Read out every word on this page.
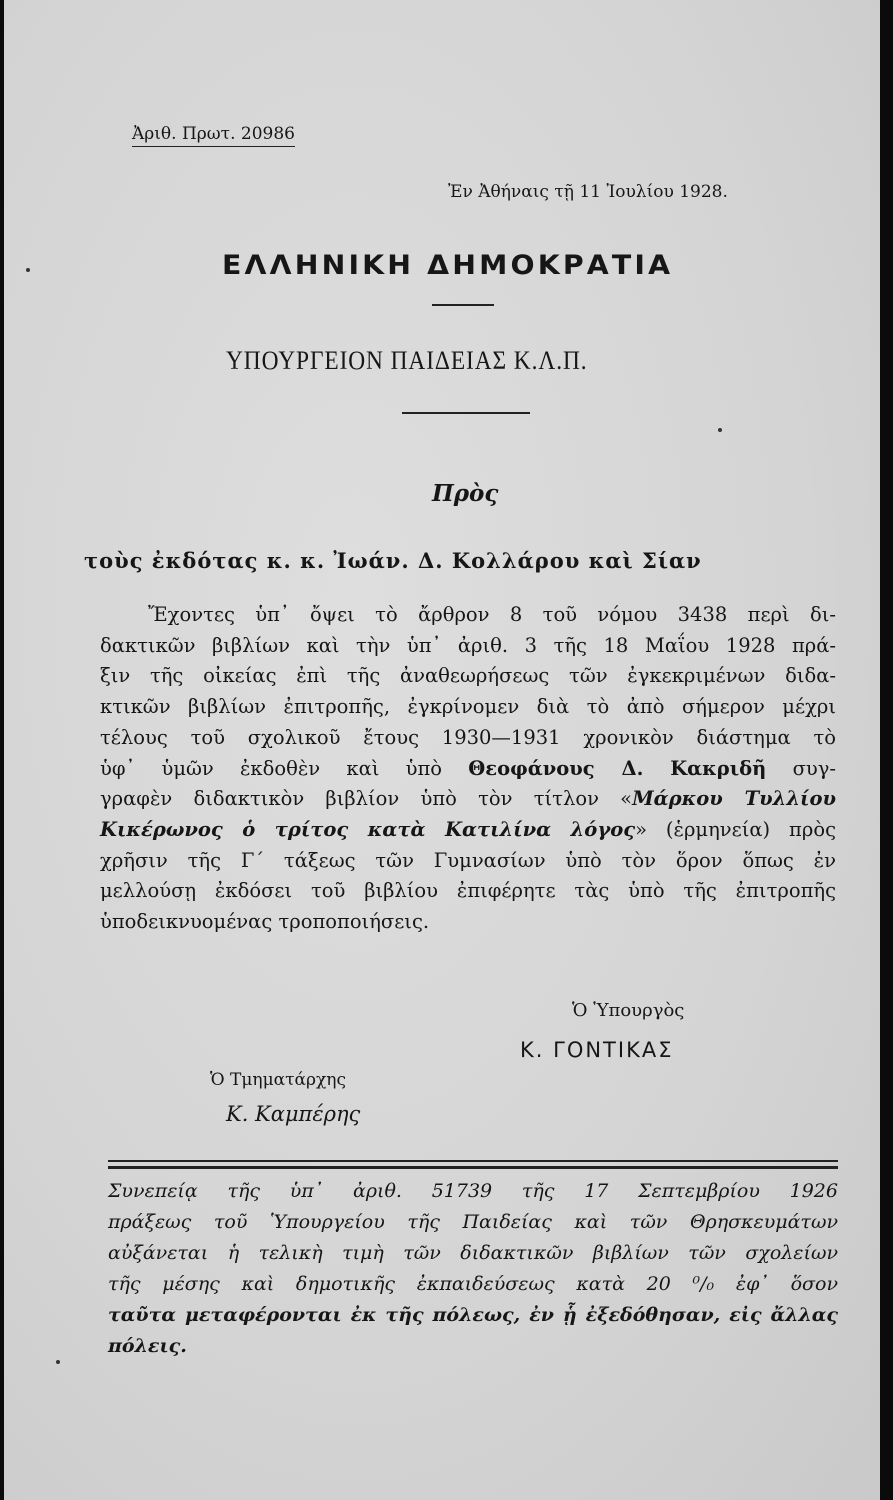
Ἀριθ. Πρωτ. 20986
Ἐν Ἀθήναις τῇ 11 Ἰουλίου 1928.
ΕΛΛΗΝΙΚΗ ΔΗΜΟΚΡΑΤΙΑ
ΥΠΟΥΡΓΕΙΟΝ ΠΑΙΔΕΙΑΣ Κ.Λ.Π.
Πρὸς
τοὺς ἐκδότας κ. κ. Ἰωάν. Δ. Κολλάρου καὶ Σίαν
Ἔχοντες ὑπ᾽ ὄψει τὸ ἄρθρον 8 τοῦ νόμου 3438 περὶ δι-
δακτικῶν βιβλίων καὶ τὴν ὑπ᾽ ἀριθ. 3 τῆς 18 Μαΐου 1928 πρά-
ξιν τῆς οἰκείας ἐπὶ τῆς ἀναθεωρήσεως τῶν ἐγκεκριμένων διδα-
κτικῶν βιβλίων ἐπιτροπῆς, ἐγκρίνομεν διὰ τὸ ἀπὸ σήμερον μέχρι
τέλους τοῦ σχολικοῦ ἔτους 1930—1931 χρονικὸν διάστημα τὸ
ὑφ᾽ ὑμῶν ἐκδοθὲν καὶ ὑπὸ Θεοφάνους Δ. Κακριδῆ συγ-
γραφὲν διδακτικὸν βιβλίον ὑπὸ τὸν τίτλον «Μάρκου Τυλλίου
Κικέρωνος ὁ τρίτος κατὰ Κατιλίνα λόγος» (ἑρμηνεία) πρὸς
χρῆσιν τῆς Γ´ τάξεως τῶν Γυμνασίων ὑπὸ τὸν ὅρον ὅπως ἐν
μελλούσῃ ἐκδόσει τοῦ βιβλίου ἐπιφέρητε τὰς ὑπὸ τῆς ἐπιτροπῆς
ὑποδεικνυομένας τροποποιήσεις.
Ὁ Ὑπουργὸς
Κ. ΓΟΝΤΙΚΑΣ
Ὁ Τμηματάρχης
Κ. Καμπέρης
Συνεπείᾳ τῆς ὑπ᾽ ἀριθ. 51739 τῆς 17 Σεπτεμβρίου 1926
πράξεως τοῦ Ὑπουργείου τῆς Παιδείας καὶ τῶν Θρησκευμάτων
αὐξάνεται ἡ τελικὴ τιμὴ τῶν διδακτικῶν βιβλίων τῶν σχολείων
τῆς μέσης καὶ δημοτικῆς ἐκπαιδεύσεως κατὰ 20 ⁰/₀ ἐφ᾽ ὅσον
ταῦτα μεταφέρονται ἐκ τῆς πόλεως, ἐν ᾗ ἐξεδόθησαν, εἰς ἄλλας
πόλεις.
